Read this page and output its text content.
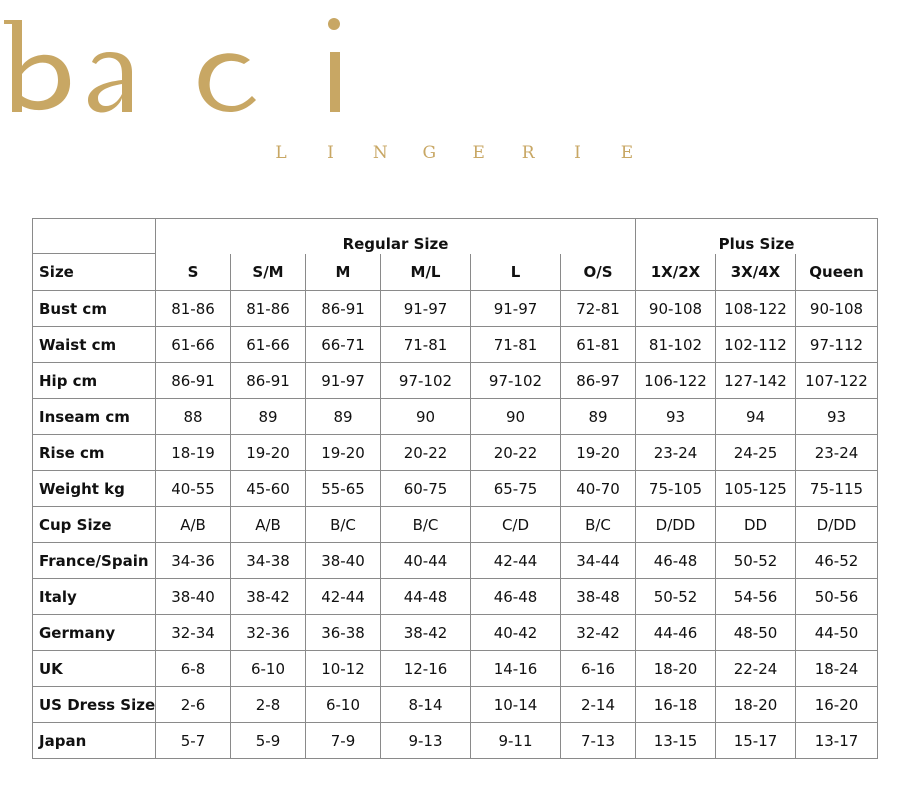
L I N G E R I E
	Regular Size						Plus Size		
Size	S	S/M	M	M/L	L	O/S	1X/2X	3X/4X	Queen
Bust cm	81-86	81-86	86-91	91-97	91-97	72-81	90-108	108-122	90-108
Waist cm	61-66	61-66	66-71	71-81	71-81	61-81	81-102	102-112	97-112
Hip cm	86-91	86-91	91-97	97-102	97-102	86-97	106-122	127-142	107-122
Inseam cm	88	89	89	90	90	89	93	94	93
Rise cm	18-19	19-20	19-20	20-22	20-22	19-20	23-24	24-25	23-24
Weight kg	40-55	45-60	55-65	60-75	65-75	40-70	75-105	105-125	75-115
Cup Size	A/B	A/B	B/C	B/C	C/D	B/C	D/DD	DD	D/DD
France/Spain	34-36	34-38	38-40	40-44	42-44	34-44	46-48	50-52	46-52
Italy	38-40	38-42	42-44	44-48	46-48	38-48	50-52	54-56	50-56
Germany	32-34	32-36	36-38	38-42	40-42	32-42	44-46	48-50	44-50
UK	6-8	6-10	10-12	12-16	14-16	6-16	18-20	22-24	18-24
US Dress Size	2-6	2-8	6-10	8-14	10-14	2-14	16-18	18-20	16-20
Japan	5-7	5-9	7-9	9-13	9-11	7-13	13-15	15-17	13-17
